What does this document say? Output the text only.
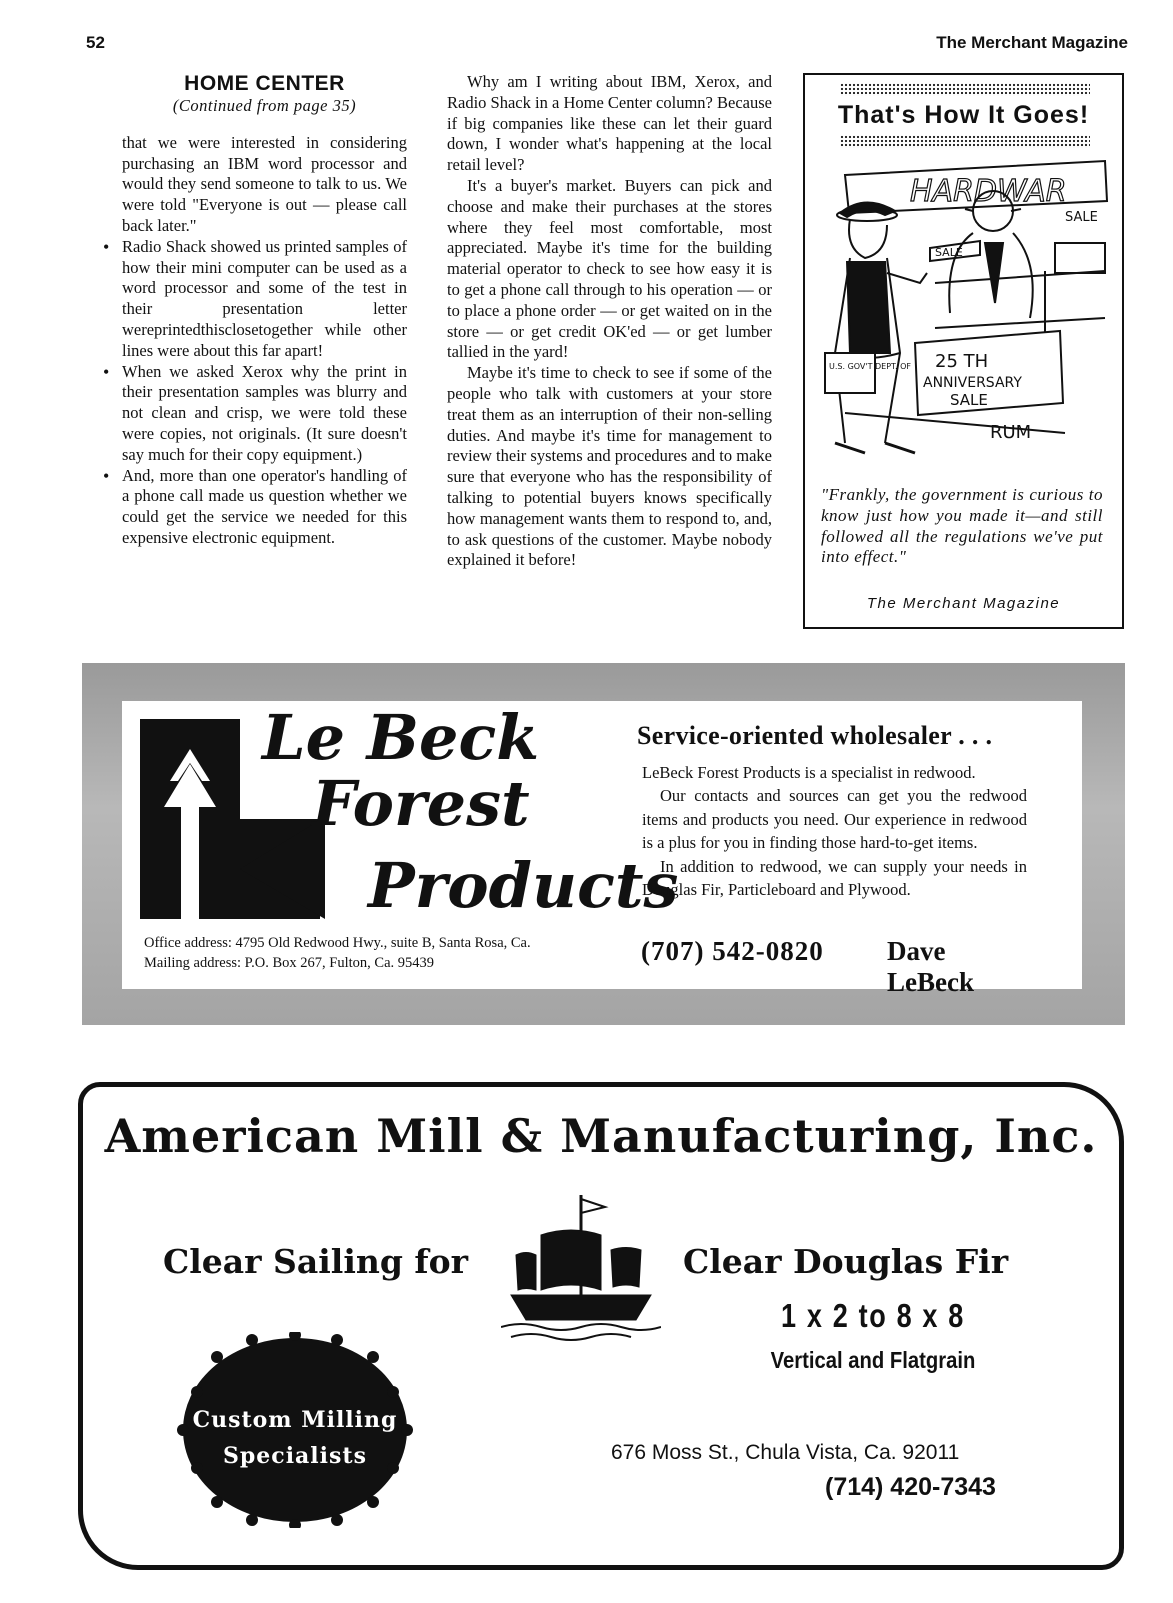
52	The Merchant Magazine

HOME CENTER

(Continued from page 35)

that we were interested in considering purchasing an IBM word processor and would they send someone to talk to us. We were told "Everyone is out — please call back later."

• Radio Shack showed us printed samples of how their mini computer can be used as a word processor and some of the test in their presentation letter wereprintedthisclosetogether while other lines were about this far apart!
• When we asked Xerox why the print in their presentation samples was blurry and not clean and crisp, we were told these were copies, not originals. (It sure doesn't say much for their copy equipment.)
• And, more than one operator's handling of a phone call made us question whether we could get the service we needed for this expensive electronic equipment.

Why am I writing about IBM, Xerox, and Radio Shack in a Home Center column? Because if big companies like these can let their guard down, I wonder what's happening at the local retail level?

It's a buyer's market. Buyers can pick and choose and make their purchases at the stores where they feel most comfortable, most appreciated. Maybe it's time for the building material operator to check to see how easy it is to get a phone call through to his operation — or to place a phone order — or get waited on in the store — or get credit OK'ed — or get lumber tallied in the yard!

Maybe it's time to check to see if some of the people who talk with customers at your store treat them as an interruption of their non-selling duties. And maybe it's time for management to review their systems and procedures and to make sure that everyone who has the responsibility of talking to potential buyers knows specifically how management wants them to respond to, and, to ask questions of the customer. Maybe nobody explained it before!

That's How It Goes!
HARDWAR
SALE
SALE
U.S. GOV'T DEPT. OF 25 TH
ANNIVERSARY
SALE
RUM
"Frankly, the government is curious to know just how you made it—and still followed all the regulations we've put into effect."
The Merchant Magazine
Le Beck
Forest
Products
Office address: 4795 Old Redwood Hwy., suite B, Santa Rosa, Ca.
Mailing address: P.O. Box 267, Fulton, Ca. 95439

Service-oriented wholesaler . . .

LeBeck Forest Products is a specialist in redwood.

Our contacts and sources can get you the redwood items and products you need. Our experience in redwood is a plus for you in finding those hard-to-get items.

In addition to redwood, we can supply your needs in Douglas Fir, Particleboard and Plywood.

(707) 542-0820 Dave LeBeck
American Mill & Manufacturing, Inc.
Clear Sailing for	Clear Douglas Fir
1 x 2 to 8 x 8
Vertical and Flatgrain
Custom Milling
Specialists	676 Moss St., Chula Vista, Ca. 92011
(714) 420-7343
